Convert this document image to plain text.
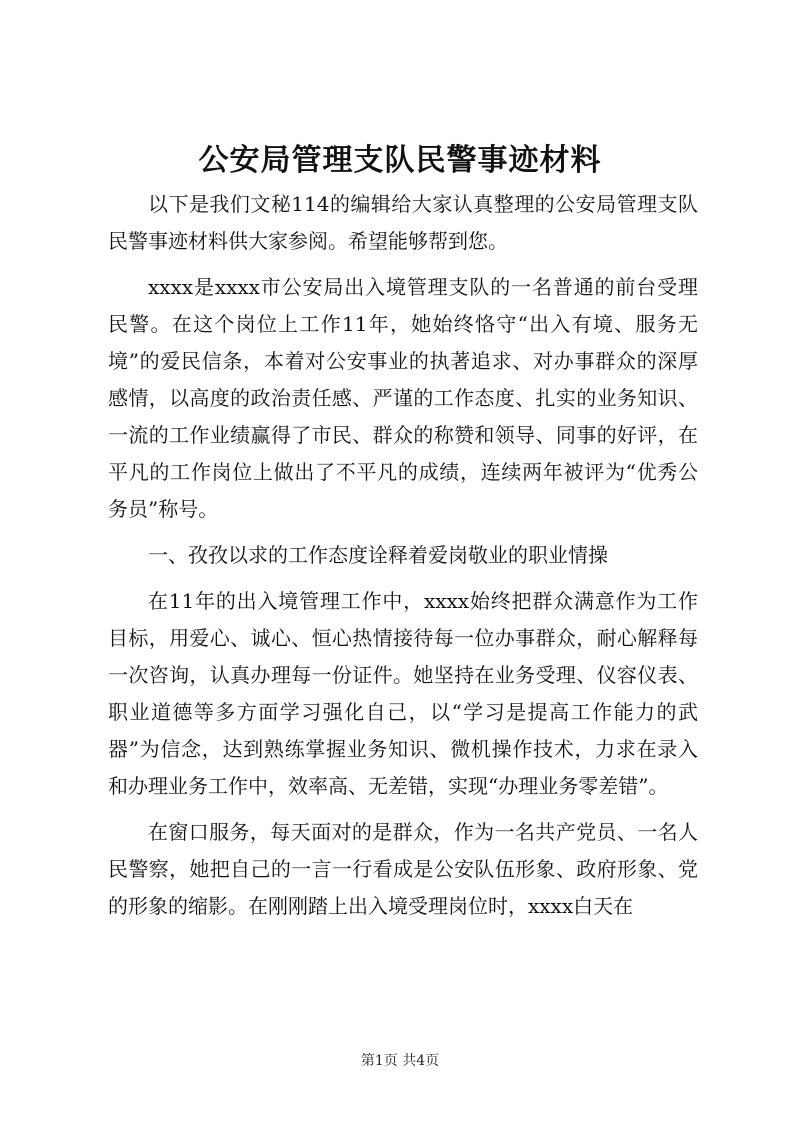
公安局管理支队民警事迹材料

以下是我们文秘114的编辑给大家认真整理的公安局管理支队民警事迹材料供大家参阅。希望能够帮到您。

xxxx是xxxx市公安局出入境管理支队的一名普通的前台受理民警。在这个岗位上工作11年，她始终恪守“出入有境、服务无境”的爱民信条，本着对公安事业的执著追求、对办事群众的深厚感情，以高度的政治责任感、严谨的工作态度、扎实的业务知识、一流的工作业绩赢得了市民、群众的称赞和领导、同事的好评，在平凡的工作岗位上做出了不平凡的成绩，连续两年被评为“优秀公务员”称号。

一、孜孜以求的工作态度诠释着爱岗敬业的职业情操

在11年的出入境管理工作中，xxxx始终把群众满意作为工作目标，用爱心、诚心、恒心热情接待每一位办事群众，耐心解释每一次咨询，认真办理每一份证件。她坚持在业务受理、仪容仪表、职业道德等多方面学习强化自己，以“学习是提高工作能力的武器”为信念，达到熟练掌握业务知识、微机操作技术，力求在录入和办理业务工作中，效率高、无差错，实现“办理业务零差错”。

在窗口服务，每天面对的是群众，作为一名共产党员、一名人民警察，她把自己的一言一行看成是公安队伍形象、政府形象、党的形象的缩影。在刚刚踏上出入境受理岗位时，xxxx白天在

第1页 共4页
